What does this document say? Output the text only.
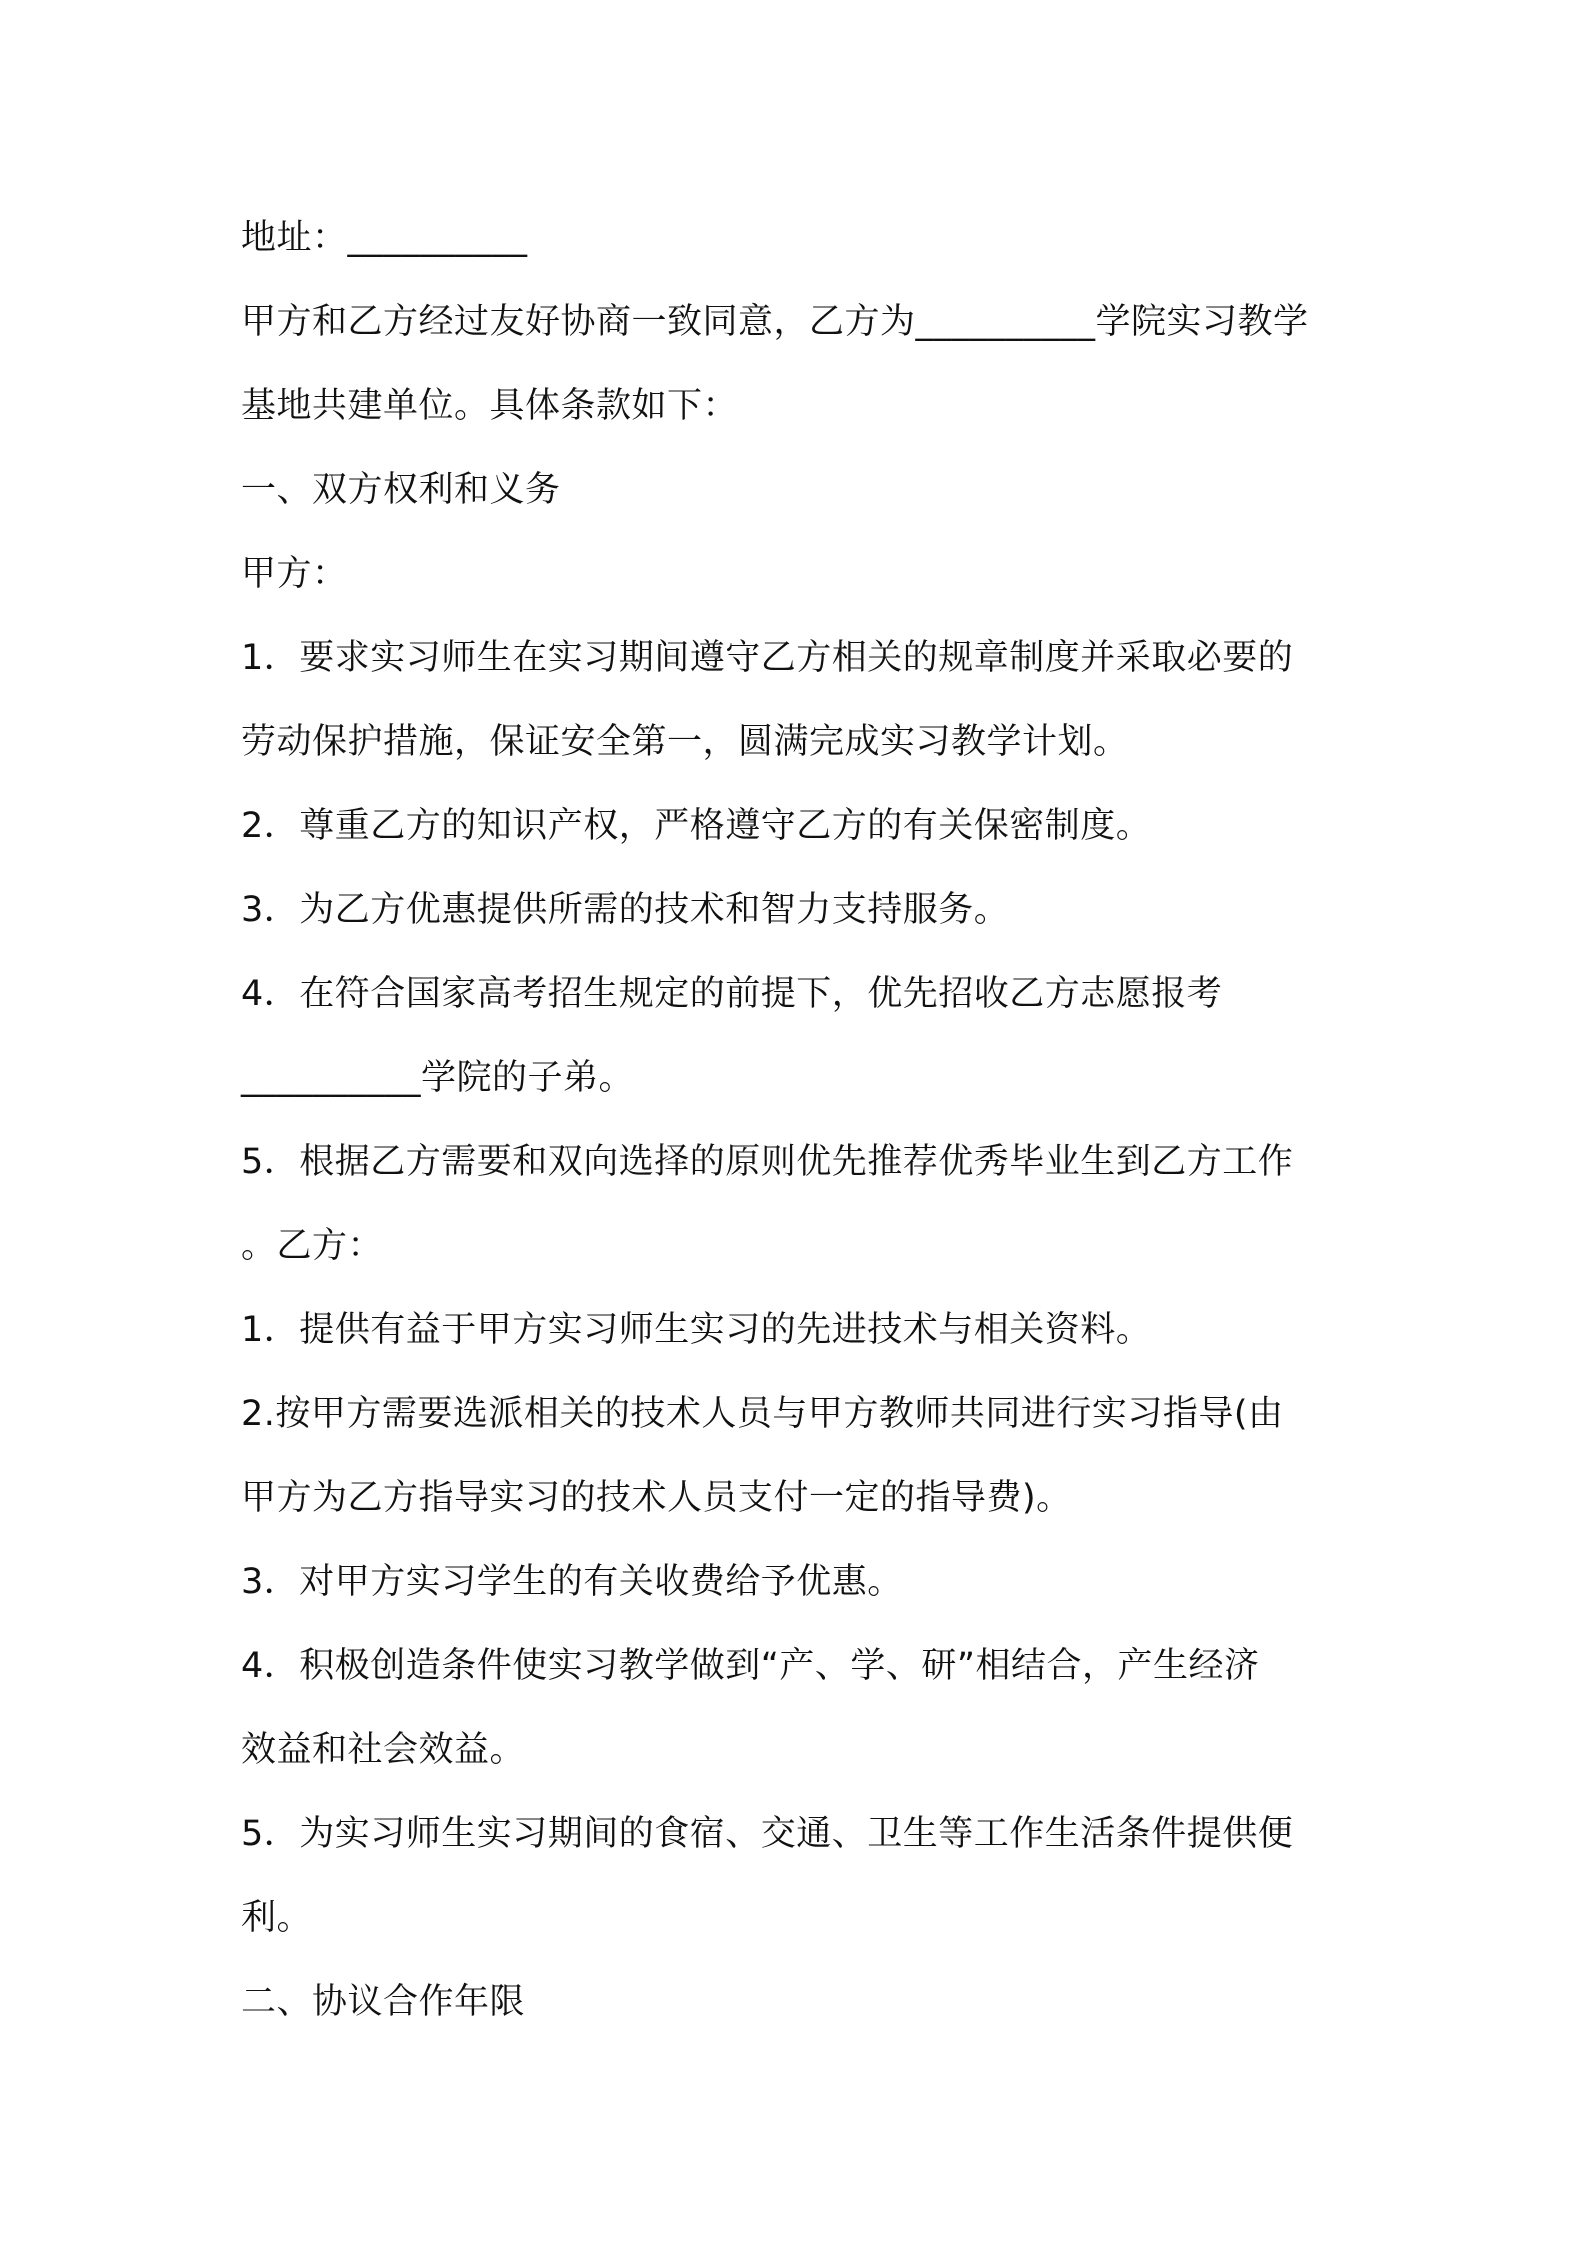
地址：__________
甲方和乙方经过友好协商一致同意，乙方为__________学院实习教学
基地共建单位。具体条款如下：
一、双方权利和义务
甲方：
1．要求实习师生在实习期间遵守乙方相关的规章制度并采取必要的
劳动保护措施，保证安全第一，圆满完成实习教学计划。
2．尊重乙方的知识产权，严格遵守乙方的有关保密制度。
3．为乙方优惠提供所需的技术和智力支持服务。
4．在符合国家高考招生规定的前提下，优先招收乙方志愿报考
__________学院的子弟。
5．根据乙方需要和双向选择的原则优先推荐优秀毕业生到乙方工作
。乙方：
1．提供有益于甲方实习师生实习的先进技术与相关资料。
2.按甲方需要选派相关的技术人员与甲方教师共同进行实习指导(由
甲方为乙方指导实习的技术人员支付一定的指导费)。
3．对甲方实习学生的有关收费给予优惠。
4．积极创造条件使实习教学做到“产、学、研”相结合，产生经济
效益和社会效益。
5．为实习师生实习期间的食宿、交通、卫生等工作生活条件提供便
利。
二、协议合作年限
